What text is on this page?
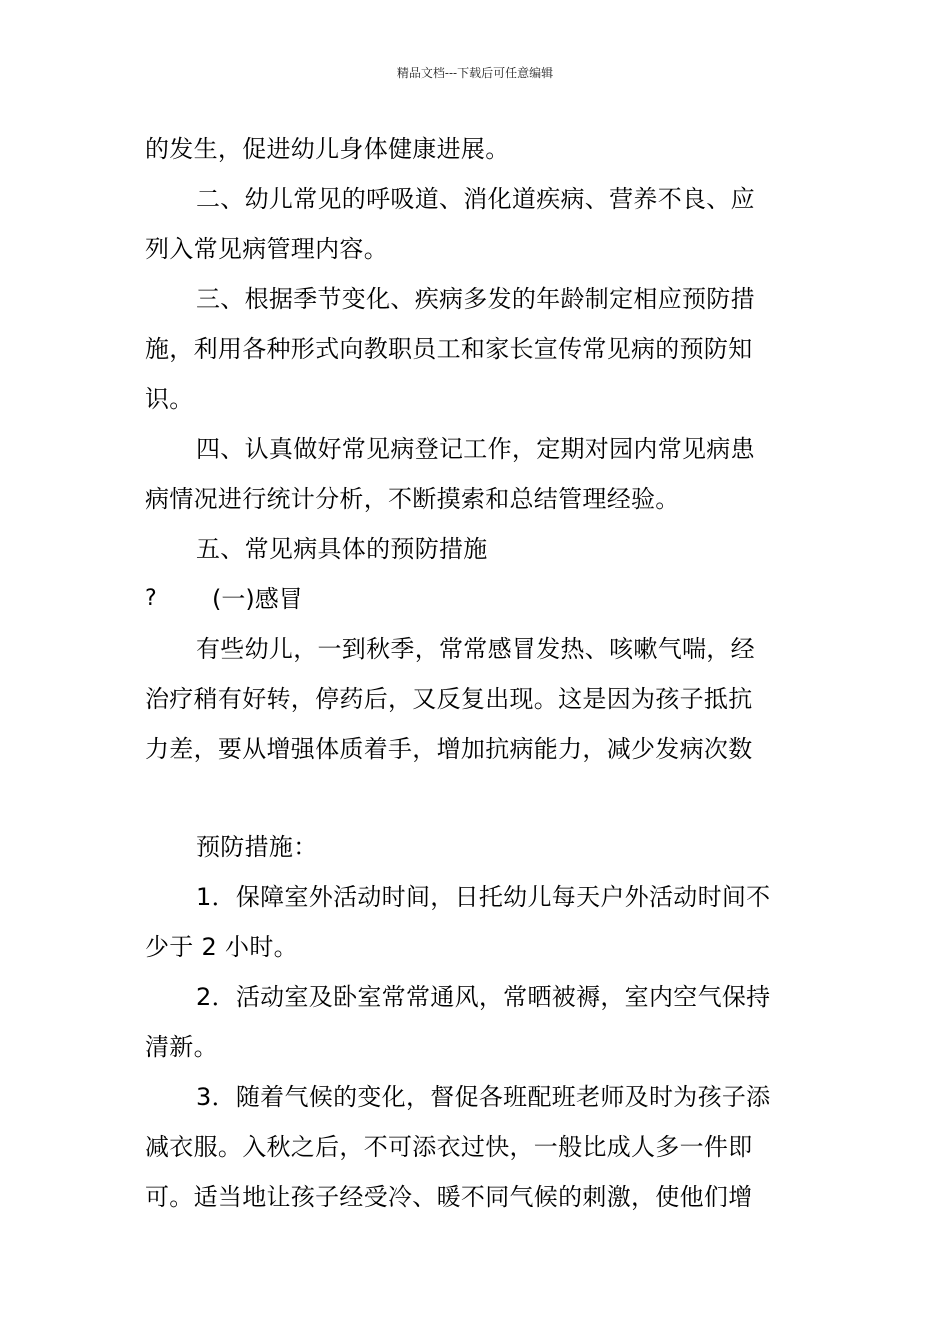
精品文档---下载后可任意编辑
的发生，促进幼儿身体健康进展。
二、幼儿常见的呼吸道、消化道疾病、营养不良、应
列入常见病管理内容。
三、根据季节变化、疾病多发的年龄制定相应预防措
施，利用各种形式向教职员工和家长宣传常见病的预防知
识。
四、认真做好常见病登记工作，定期对园内常见病患
病情况进行统计分析，不断摸索和总结管理经验。
五、常见病具体的预防措施
? (一)感冒
有些幼儿，一到秋季，常常感冒发热、咳嗽气喘，经
治疗稍有好转，停药后，又反复出现。这是因为孩子抵抗
力差，要从增强体质着手，增加抗病能力，减少发病次数
预防措施：
1．保障室外活动时间，日托幼儿每天户外活动时间不
少于 2 小时。
2．活动室及卧室常常通风，常晒被褥，室内空气保持
清新。
3．随着气候的变化，督促各班配班老师及时为孩子添
减衣服。入秋之后，不可添衣过快，一般比成人多一件即
可。适当地让孩子经受冷、暖不同气候的刺激，使他们增
